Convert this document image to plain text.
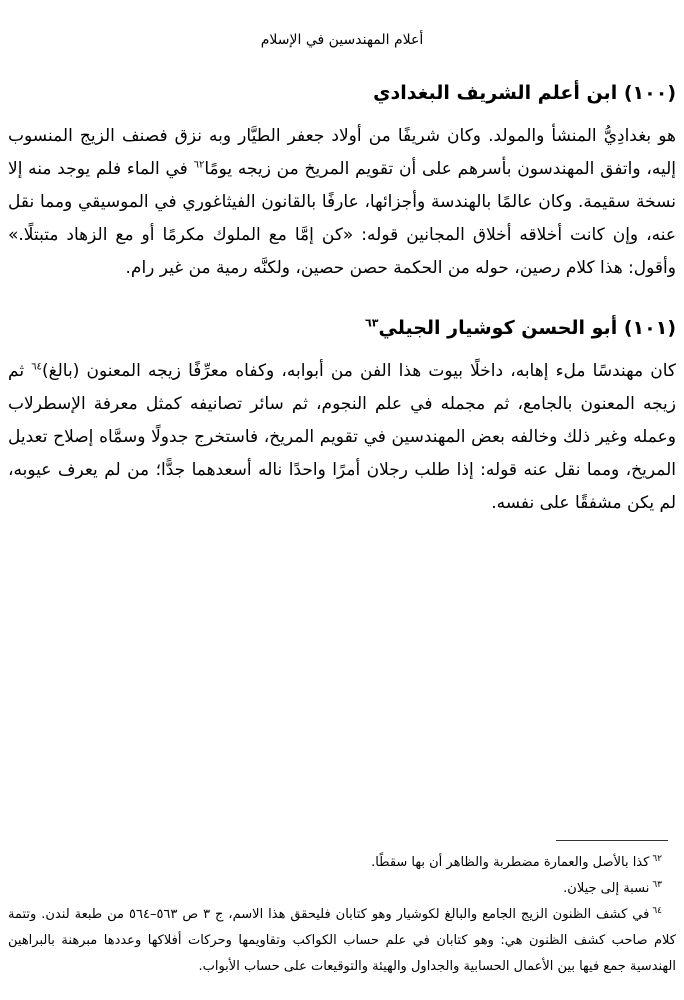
أعلام المهندسين في الإسلام
(١٠٠) ابن أعلم الشريف البغدادي

هو بغدادِيُّ المنشأ والمولد. وكان شريفًا من أولاد جعفر الطيَّار وبه نزق فصنف الزيج المنسوب إليه، واتفق المهندسون بأسرهم على أن تقويم المريخ من زيجه يومًا$^{٦٢}$ في الماء فلم يوجد منه إلا نسخة سقيمة. وكان عالمًا بالهندسة وأجزائها، عارفًا بالقانون الفيثاغوري في الموسيقي ومما نقل عنه، وإن كانت أخلاقه أخلاق المجانين قوله: «كن إمَّا مع الملوك مكرمًا أو مع الزهاد متبتلًا.» وأقول: هذا كلام رصين، حوله من الحكمة حصن حصين، ولكنَّه رمية من غير رام.

(١٠١) أبو الحسن كوشيار الجيلي$^{٦٣}$

كان مهندسًا ملء إهابه، داخلًا بيوت هذا الفن من أبوابه، وكفاه معرِّفًا زيجه المعنون (بالغ)$^{٦٤}$ ثم زيجه المعنون بالجامع، ثم مجمله في علم النجوم، ثم سائر تصانيفه كمثل معرفة الإسطرلاب وعمله وغير ذلك وخالفه بعض المهندسين في تقويم المريخ، فاستخرج جدولًا وسمَّاه إصلاح تعديل المريخ، ومما نقل عنه قوله: إذا طلب رجلان أمرًا واحدًا ناله أسعدهما جدًّا؛ من لم يعرف عيوبه، لم يكن مشفقًا على نفسه.

$^{٦٢}$كذا بالأصل والعمارة مضطربة والظاهر أن بها سقطًا.

$^{٦٣}$نسبة إلى جيلان.

$^{٦٤}$في كشف الظنون الزيج الجامع والبالغ لكوشيار وهو كتابان فليحقق هذا الاسم، ج ٣ ص ٥٦٣–٥٦٤ من طبعة لندن. وتتمة كلام صاحب كشف الظنون هي: وهو كتابان في علم حساب الكواكب وتقاويمها وحركات أفلاكها وعددها مبرهنة بالبراهين الهندسية جمع فيها بين الأعمال الحسابية والجداول والهيئة والتوقيعات على حساب الأبواب.
